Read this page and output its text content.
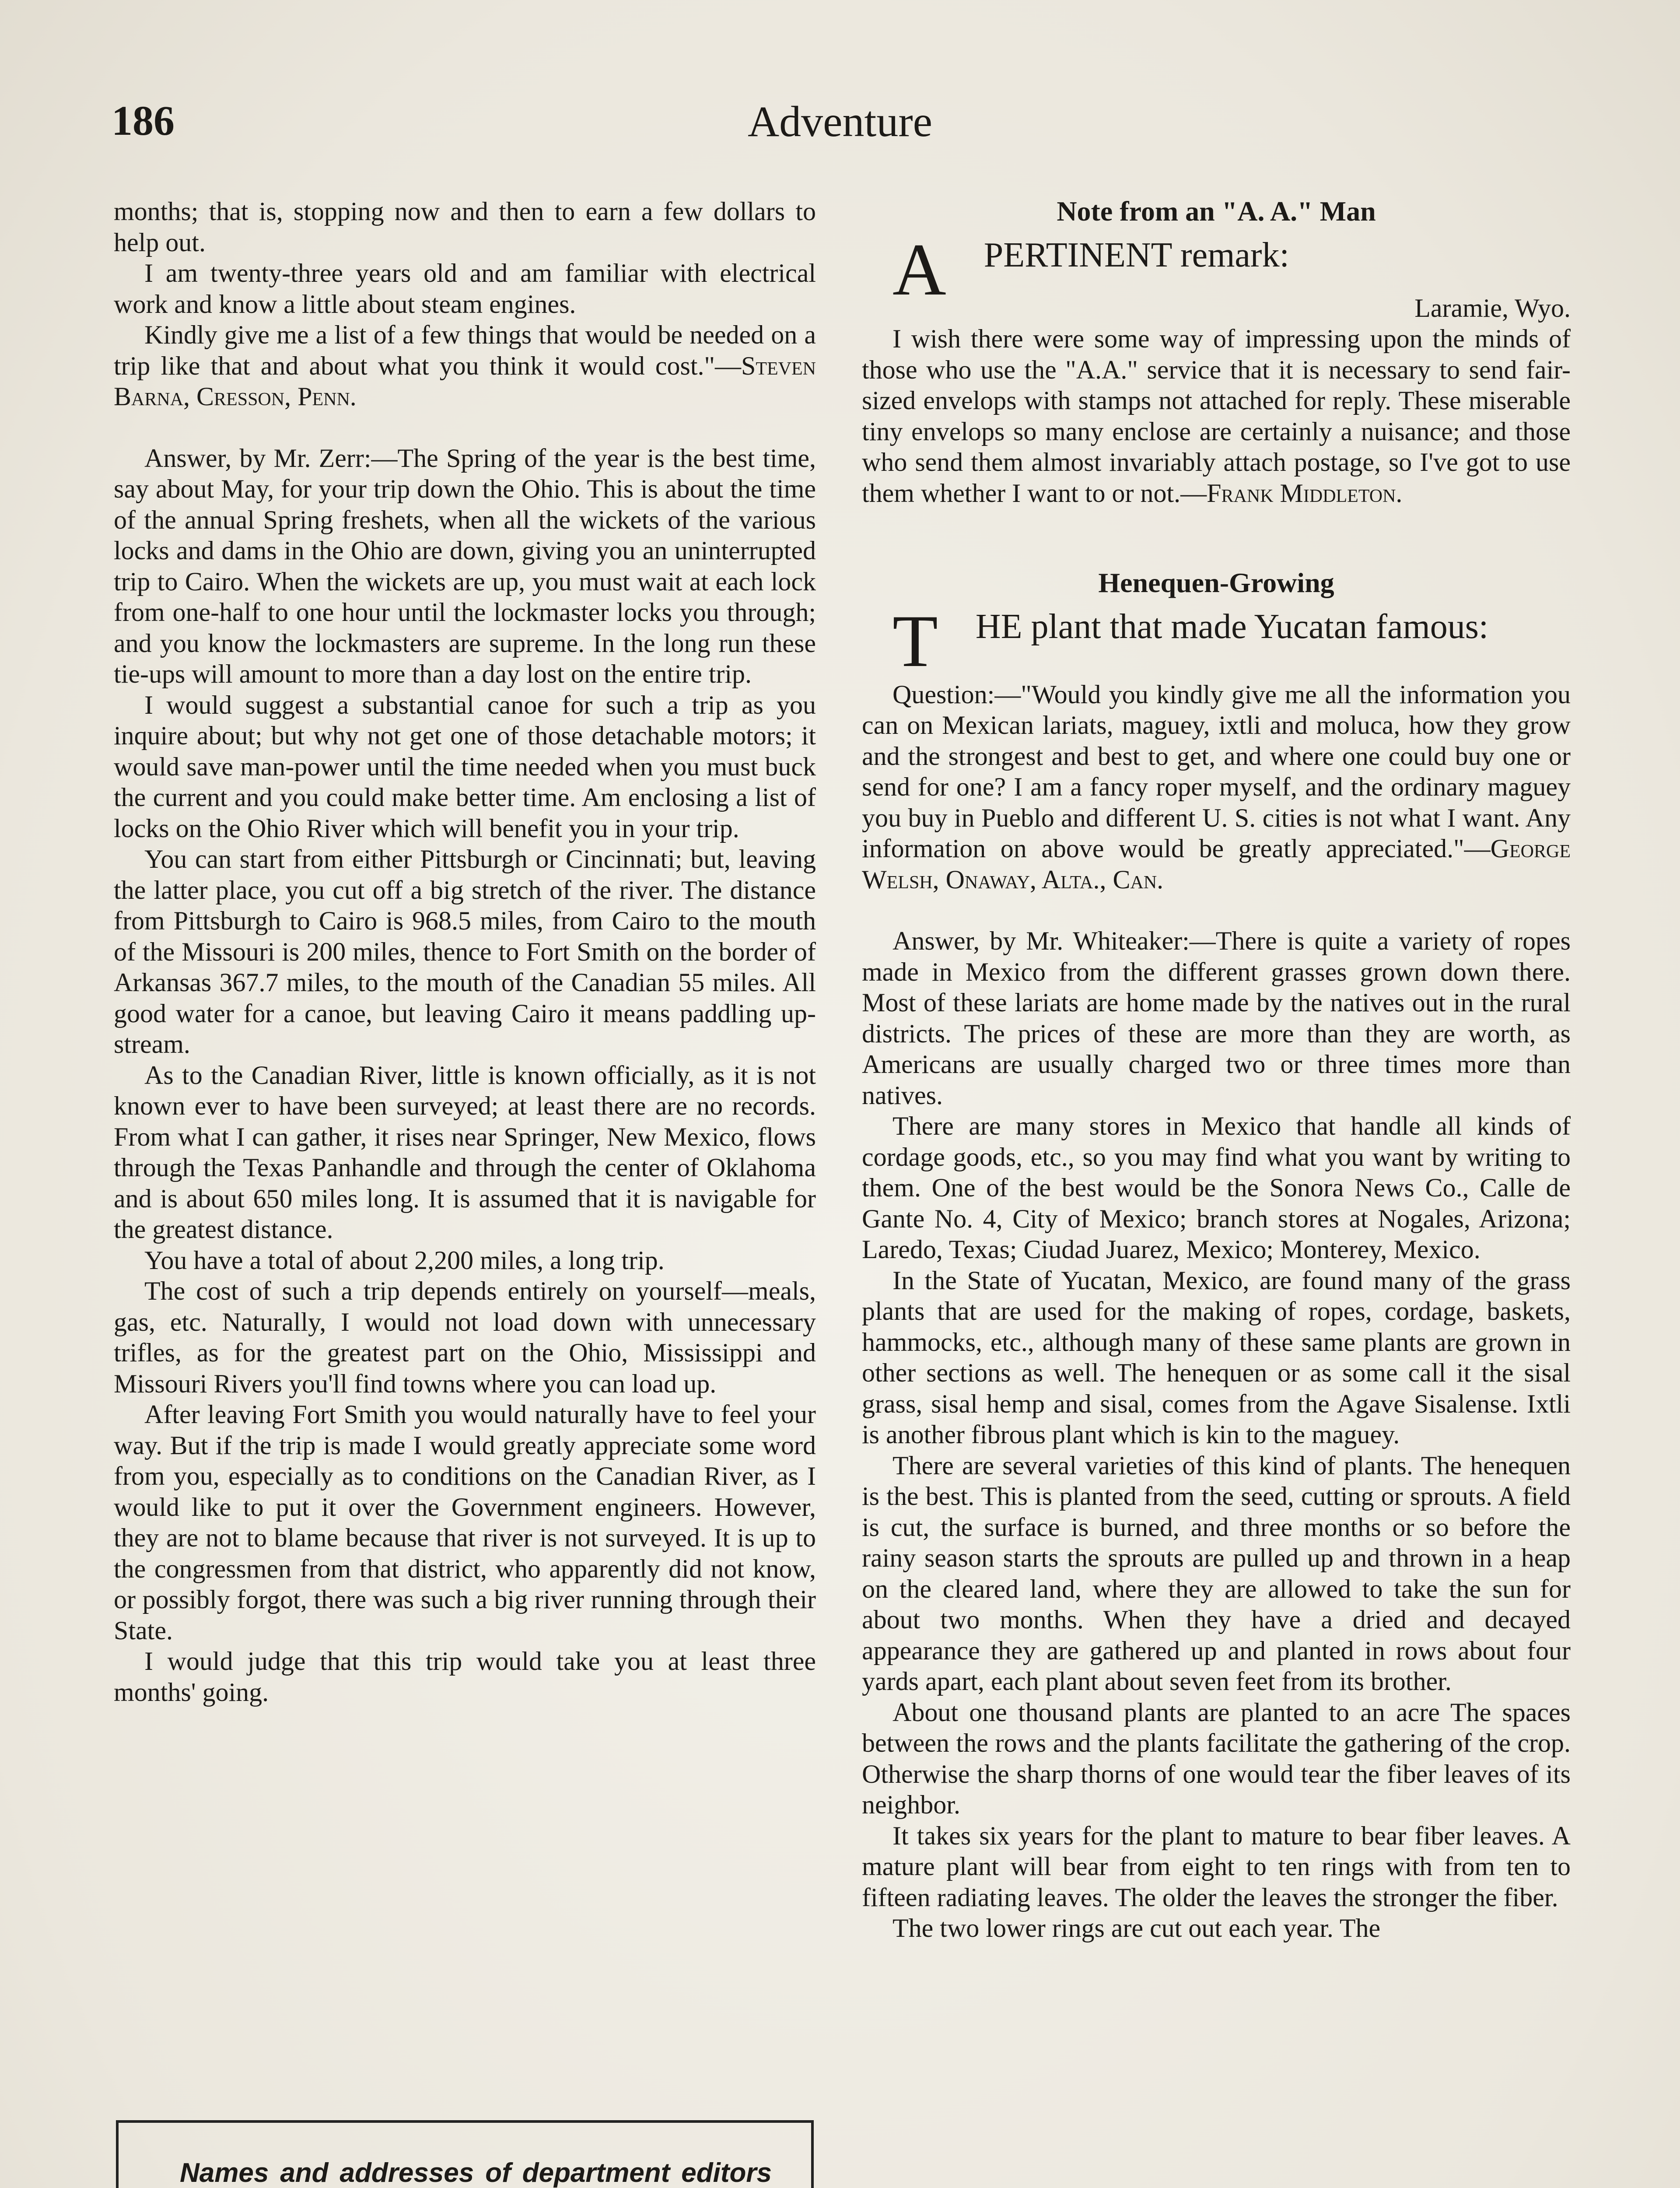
186	Adventure

months; that is, stopping now and then to earn a few dollars to help out.

I am twenty-three years old and am familiar with electrical work and know a little about steam engines.

Kindly give me a list of a few things that would be needed on a trip like that and about what you think it would cost."—Steven Barna, Cresson, Penn.

Answer, by Mr. Zerr:—The Spring of the year is the best time, say about May, for your trip down the Ohio. This is about the time of the annual Spring freshets, when all the wickets of the various locks and dams in the Ohio are down, giving you an uninterrupted trip to Cairo. When the wickets are up, you must wait at each lock from one-half to one hour until the lockmaster locks you through; and you know the lockmasters are supreme. In the long run these tie-ups will amount to more than a day lost on the entire trip.

I would suggest a substantial canoe for such a trip as you inquire about; but why not get one of those detachable motors; it would save man-power until the time needed when you must buck the current and you could make better time. Am enclosing a list of locks on the Ohio River which will benefit you in your trip.

You can start from either Pittsburgh or Cincinnati; but, leaving the latter place, you cut off a big stretch of the river. The distance from Pittsburgh to Cairo is 968.5 miles, from Cairo to the mouth of the Missouri is 200 miles, thence to Fort Smith on the border of Arkansas 367.7 miles, to the mouth of the Canadian 55 miles. All good water for a canoe, but leaving Cairo it means paddling up-stream.

As to the Canadian River, little is known officially, as it is not known ever to have been surveyed; at least there are no records. From what I can gather, it rises near Springer, New Mexico, flows through the Texas Panhandle and through the center of Oklahoma and is about 650 miles long. It is assumed that it is navigable for the greatest distance.

You have a total of about 2,200 miles, a long trip.

The cost of such a trip depends entirely on yourself—meals, gas, etc. Naturally, I would not load down with unnecessary trifles, as for the greatest part on the Ohio, Mississippi and Missouri Rivers you'll find towns where you can load up.

After leaving Fort Smith you would naturally have to feel your way. But if the trip is made I would greatly appreciate some word from you, especially as to conditions on the Canadian River, as I would like to put it over the Government engineers. However, they are not to blame because that river is not surveyed. It is up to the congressmen from that district, who apparently did not know, or possibly forgot, there was such a big river running through their State.

I would judge that this trip would take you at least three months' going.

Names and addresses of department editors
Note from an "A. A." Man

A PERTINENT remark:

Laramie, Wyo.

I wish there were some way of impressing upon the minds of those who use the "A.A." service that it is necessary to send fair-sized envelops with stamps not attached for reply. These miserable tiny envelops so many enclose are certainly a nuisance; and those who send them almost invariably attach postage, so I've got to use them whether I want to or not.—Frank Middleton.

Henequen-Growing

T HE plant that made Yucatan famous:

Question:—"Would you kindly give me all the information you can on Mexican lariats, maguey, ixtli and moluca, how they grow and the strongest and best to get, and where one could buy one or send for one? I am a fancy roper myself, and the ordinary maguey you buy in Pueblo and different U. S. cities is not what I want. Any information on above would be greatly appreciated."—George Welsh, Onaway, Alta., Can.

Answer, by Mr. Whiteaker:—There is quite a variety of ropes made in Mexico from the different grasses grown down there. Most of these lariats are home made by the natives out in the rural districts. The prices of these are more than they are worth, as Americans are usually charged two or three times more than natives.

There are many stores in Mexico that handle all kinds of cordage goods, etc., so you may find what you want by writing to them. One of the best would be the Sonora News Co., Calle de Gante No. 4, City of Mexico; branch stores at Nogales, Arizona; Laredo, Texas; Ciudad Juarez, Mexico; Monterey, Mexico.

In the State of Yucatan, Mexico, are found many of the grass plants that are used for the making of ropes, cordage, baskets, hammocks, etc., although many of these same plants are grown in other sections as well. The henequen or as some call it the sisal grass, sisal hemp and sisal, comes from the Agave Sisalense. Ixtli is another fibrous plant which is kin to the maguey.

There are several varieties of this kind of plants. The henequen is the best. This is planted from the seed, cutting or sprouts. A field is cut, the surface is burned, and three months or so before the rainy season starts the sprouts are pulled up and thrown in a heap on the cleared land, where they are allowed to take the sun for about two months. When they have a dried and decayed appearance they are gathered up and planted in rows about four yards apart, each plant about seven feet from its brother.

About one thousand plants are planted to an acre The spaces between the rows and the plants facilitate the gathering of the crop. Otherwise the sharp thorns of one would tear the fiber leaves of its neighbor.

It takes six years for the plant to mature to bear fiber leaves. A mature plant will bear from eight to ten rings with from ten to fifteen radiating leaves. The older the leaves the stronger the fiber.

The two lower rings are cut out each year. The
